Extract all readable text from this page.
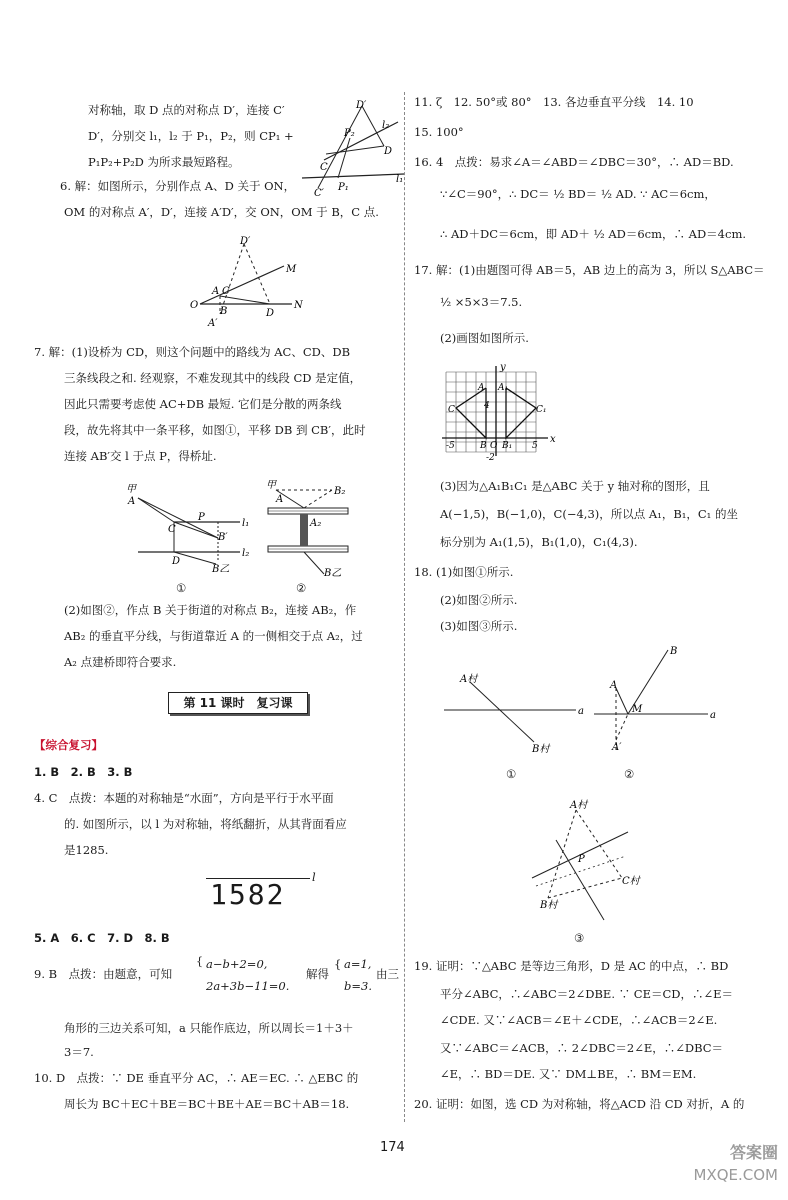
对称轴，取 D 点的对称点 D′，连接 C′
D′，分别交 l₁，l₂ 于 P₁，P₂，则 CP₁ +
P₁P₂+P₂D 为所求最短路程。
D′
P₂
l₂
D
C
P₁
C′
l₁
6. 解：如图所示，分别作点 A、D 关于 ON，
OM 的对称点 A′，D′，连接 A′D′，交 ON，OM 于 B，C 点.
D′
M
O
A C
B	D
N
A′
7. 解：(1)设桥为 CD，则这个问题中的路线为 AC、CD、DB
三条线段之和. 经观察，不难发现其中的线段 CD 是定值，
因此只需要考虑使 AC+DB 最短. 它们是分散的两条线
段，故先将其中一条平移，如图①，平移 DB 到 CB′，此时
连接 AB′交 l 于点 P，得桥址.
甲
A
C
P
l₁
B′
l₂
D
B乙
①
甲
A
B₂
A₂
B乙
②
(2)如图②，作点 B 关于街道的对称点 B₂，连接 AB₂，作
AB₂ 的垂直平分线，与街道靠近 A 的一侧相交于点 A₂，过
A₂ 点建桥即符合要求.
第 11 课时　复习课
【综合复习】
1. B　2. B　3. B
4. C　点拨：本题的对称轴是“水面”，方向是平行于水平面
的. 如图所示，以 l 为对称轴，将纸翻折，从其背面看应
是1285.
1582
l
5. A　6. C　7. D　8. B
9. B　点拨：由题意，可知
{ a−b+2=0,
2a+3b−11=0.
解得
{ a=1,
b=3.
由三
角形的三边关系可知，a 只能作底边，所以周长＝1＋3＋
3＝7.
10. D　点拨：∵ DE 垂直平分 AC，∴ AE＝EC. ∴ △EBC 的
周长为 BC＋EC＋BE＝BC＋BE＋AE＝BC＋AB＝18.
11. ζ　12. 50°或 80°　13. 各边垂直平分线　14. 10
15. 100°
16. 4　点拨：易求∠A＝∠ABD＝∠DBC＝30°，∴ AD＝BD.
∵∠C＝90°，∴ DC＝ ½ BD＝ ½ AD. ∵ AC＝6cm，
∴ AD＋DC＝6cm，即 AD＋ ½ AD＝6cm，∴ AD＝4cm.
17. 解：(1)由题图可得 AB＝5，AB 边上的高为 3，所以 S△ABC＝
½ ×5×3＝7.5.
(2)画图如图所示.
y
x
A A₁
4
C	C₁
B O B₁
-5	5
-2
(3)因为△A₁B₁C₁ 是△ABC 关于 y 轴对称的图形，且
A(−1,5)，B(−1,0)，C(−4,3)，所以点 A₁，B₁，C₁ 的坐
标分别为 A₁(1,5)，B₁(1,0)，C₁(4,3).
18. (1)如图①所示.
(2)如图②所示.
(3)如图③所示.
A村
a
B村
①
A
B
M
a
A′
②
A村
P
C村
B村
③
19. 证明：∵△ABC 是等边三角形，D 是 AC 的中点，∴ BD
平分∠ABC，∴∠ABC＝2∠DBE. ∵ CE＝CD，∴∠E＝
∠CDE. 又∵∠ACB＝∠E＋∠CDE，∴∠ACB＝2∠E.
又∵∠ABC＝∠ACB，∴ 2∠DBC＝2∠E，∴∠DBC＝
∠E，∴ BD＝DE. 又∵ DM⊥BE，∴ BM＝EM.
20. 证明：如图，选 CD 为对称轴，将△ACD 沿 CD 对折，A 的
174	答案圈
MXQE.COM
